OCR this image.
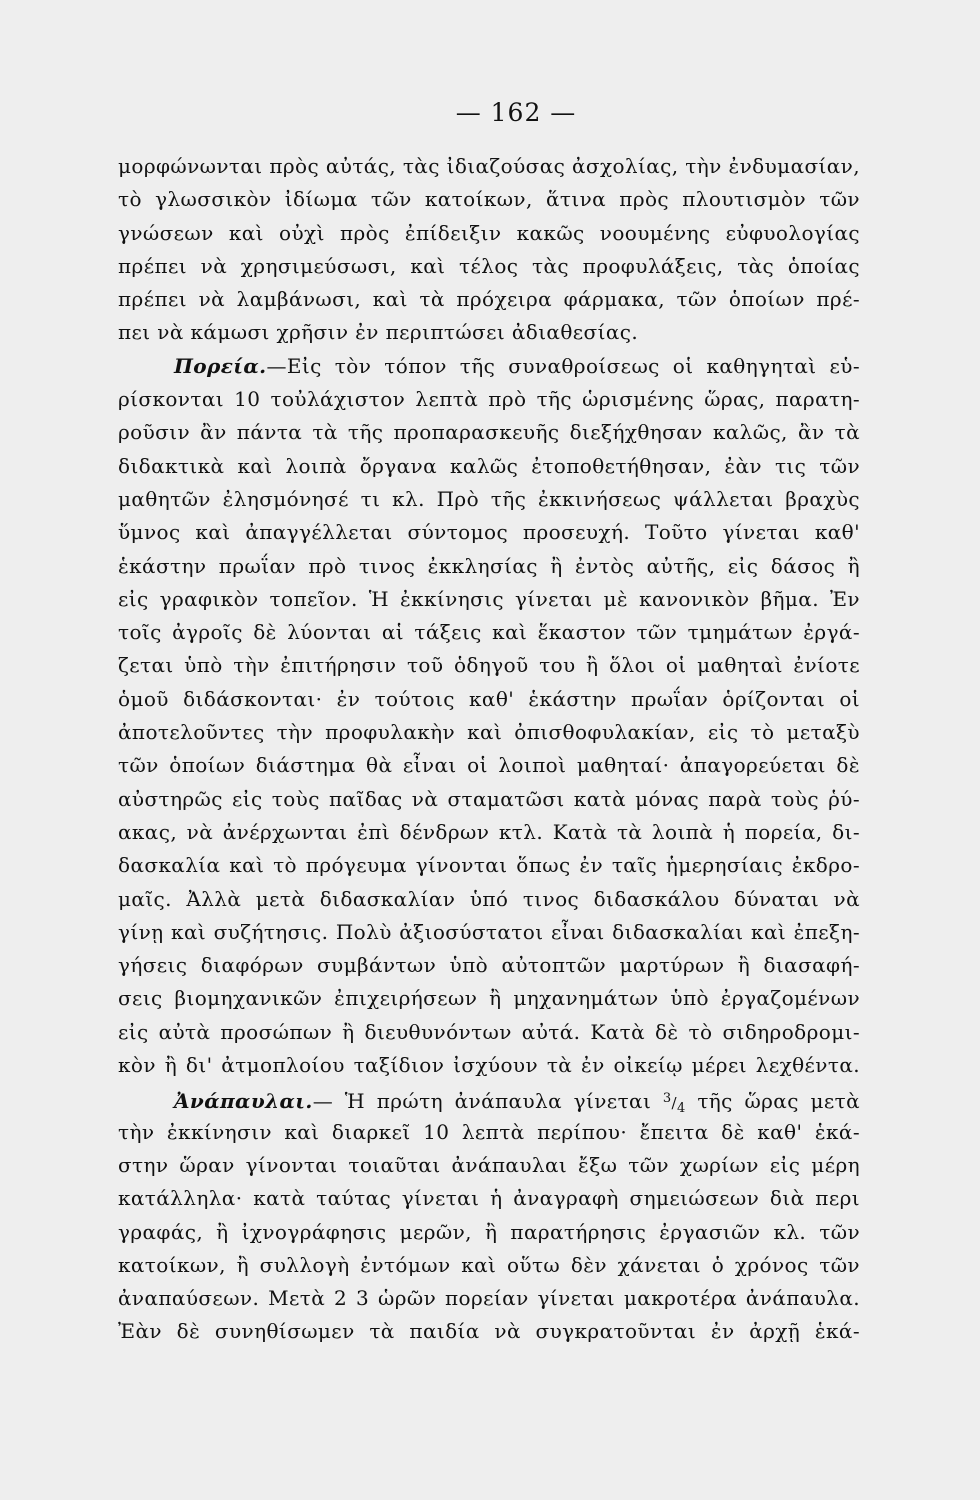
— 162 —
μορφώνωνται πρὸς αὐτάς, τὰς ἰδιαζούσας ἀσχολίας, τὴν ἐνδυμασίαν,
τὸ γλωσσικὸν ἰδίωμα τῶν κατοίκων, ἅτινα πρὸς πλουτισμὸν τῶν
γνώσεων καὶ οὐχὶ πρὸς ἐπίδειξιν κακῶς νοουμένης εὐφυολογίας
πρέπει νὰ χρησιμεύσωσι, καὶ τέλος τὰς προφυλάξεις, τὰς ὁποίας
πρέπει νὰ λαμβάνωσι, καὶ τὰ πρόχειρα φάρμακα, τῶν ὁποίων πρέ-
πει νὰ κάμωσι χρῆσιν ἐν περιπτώσει ἀδιαθεσίας.
Πορεία.—Εἰς τὸν τόπον τῆς συναθροίσεως οἱ καθηγηταὶ εὑ-
ρίσκονται 10 τοὐλάχιστον λεπτὰ πρὸ τῆς ὡρισμένης ὥρας, παρατη-
ροῦσιν ἂν πάντα τὰ τῆς προπαρασκευῆς διεξήχθησαν καλῶς, ἂν τὰ
διδακτικὰ καὶ λοιπὰ ὄργανα καλῶς ἐτοποθετήθησαν, ἐὰν τις τῶν
μαθητῶν ἐλησμόνησέ τι κλ. Πρὸ τῆς ἐκκινήσεως ψάλλεται βραχὺς
ὕμνος καὶ ἀπαγγέλλεται σύντομος προσευχή. Τοῦτο γίνεται καθ'
ἑκάστην πρωΐαν πρὸ τινος ἐκκλησίας ἢ ἐντὸς αὐτῆς, εἰς δάσος ἢ
εἰς γραφικὸν τοπεῖον. Ἡ ἐκκίνησις γίνεται μὲ κανονικὸν βῆμα. Ἐν
τοῖς ἀγροῖς δὲ λύονται αἱ τάξεις καὶ ἕκαστον τῶν τμημάτων ἐργά-
ζεται ὑπὸ τὴν ἐπιτήρησιν τοῦ ὁδηγοῦ του ἢ ὅλοι οἱ μαθηταὶ ἐνίοτε
ὁμοῦ διδάσκονται· ἐν τούτοις καθ' ἑκάστην πρωΐαν ὁρίζονται οἱ
ἀποτελοῦντες τὴν προφυλακὴν καὶ ὀπισθοφυλακίαν, εἰς τὸ μεταξὺ
τῶν ὁποίων διάστημα θὰ εἶναι οἱ λοιποὶ μαθηταί· ἀπαγορεύεται δὲ
αὐστηρῶς εἰς τοὺς παῖδας νὰ σταματῶσι κατὰ μόνας παρὰ τοὺς ῥύ-
ακας, νὰ ἀνέρχωνται ἐπὶ δένδρων κτλ. Κατὰ τὰ λοιπὰ ἡ πορεία, δι-
δασκαλία καὶ τὸ πρόγευμα γίνονται ὅπως ἐν ταῖς ἡμερησίαις ἐκδρο-
μαῖς. Ἀλλὰ μετὰ διδασκαλίαν ὑπό τινος διδασκάλου δύναται νὰ
γίνῃ καὶ συζήτησις. Πολὺ ἀξιοσύστατοι εἶναι διδασκαλίαι καὶ ἐπεξη-
γήσεις διαφόρων συμβάντων ὑπὸ αὐτοπτῶν μαρτύρων ἢ διασαφή-
σεις βιομηχανικῶν ἐπιχειρήσεων ἢ μηχανημάτων ὑπὸ ἐργαζομένων
εἰς αὐτὰ προσώπων ἢ διευθυνόντων αὐτά. Κατὰ δὲ τὸ σιδηροδρομι-
κὸν ἢ δι' ἀτμοπλοίου ταξίδιον ἰσχύουν τὰ ἐν οἰκείῳ μέρει λεχθέντα.
Ἀνάπαυλαι.— Ἡ πρώτη ἀνάπαυλα γίνεται $^3/_4$ τῆς ὥρας μετὰ
τὴν ἐκκίνησιν καὶ διαρκεῖ 10 λεπτὰ περίπου· ἔπειτα δὲ καθ' ἑκά-
στην ὥραν γίνονται τοιαῦται ἀνάπαυλαι ἔξω τῶν χωρίων εἰς μέρη
κατάλληλα· κατὰ ταύτας γίνεται ἡ ἀναγραφὴ σημειώσεων διὰ περι
γραφάς, ἢ ἰχνογράφησις μερῶν, ἢ παρατήρησις ἐργασιῶν κλ. τῶν
κατοίκων, ἢ συλλογὴ ἐντόμων καὶ οὕτω δὲν χάνεται ὁ χρόνος τῶν
ἀναπαύσεων. Μετὰ 2 3 ὡρῶν πορείαν γίνεται μακροτέρα ἀνάπαυλα.
Ἐὰν δὲ συνηθίσωμεν τὰ παιδία νὰ συγκρατοῦνται ἐν ἀρχῇ ἑκά-
